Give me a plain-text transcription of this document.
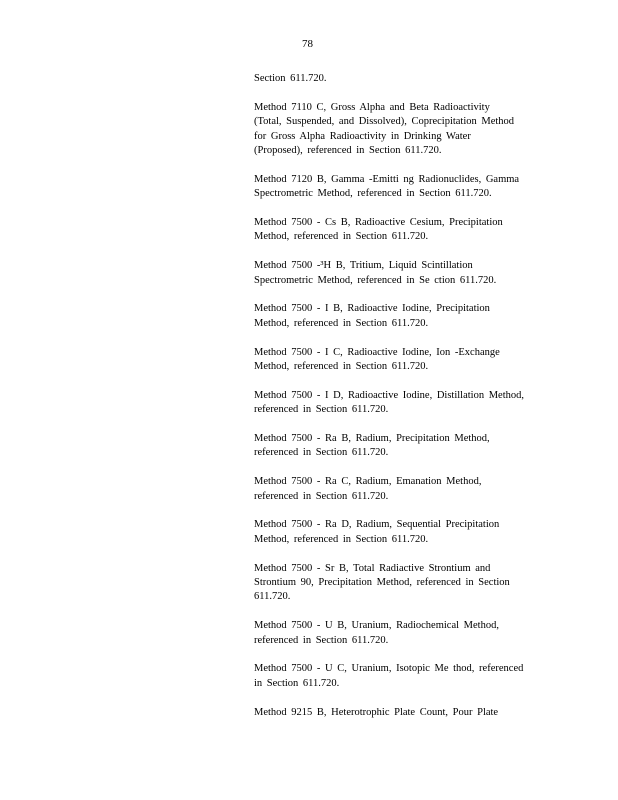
78
Section 611.720.
Method 7110 C, Gross Alpha and Beta Radioactivity
(Total, Suspended, and Dissolved), Coprecipitation Method
for Gross Alpha Radioactivity in Drinking Water
(Proposed), referenced in Section 611.720.
Method 7120 B, Gamma -Emitti ng Radionuclides, Gamma
Spectrometric Method, referenced in Section 611.720.
Method 7500 - Cs B, Radioactive Cesium, Precipitation
Method, referenced in Section 611.720.
Method 7500 -³H B, Tritium, Liquid Scintillation
Spectrometric Method, referenced in Se ction 611.720.
Method 7500 - I B, Radioactive Iodine, Precipitation
Method, referenced in Section 611.720.
Method 7500 - I C, Radioactive Iodine, Ion -Exchange
Method, referenced in Section 611.720.
Method 7500 - I D, Radioactive Iodine, Distillation Method,
referenced in Section 611.720.
Method 7500 - Ra B, Radium, Precipitation Method,
referenced in Section 611.720.
Method 7500 - Ra C, Radium, Emanation Method,
referenced in Section 611.720.
Method 7500 - Ra D, Radium, Sequential Precipitation
Method, referenced in Section 611.720.
Method 7500 - Sr B, Total Radiactive Strontium and
Strontium 90, Precipitation Method, referenced in Section
611.720.
Method 7500 - U B, Uranium, Radiochemical Method,
referenced in Section 611.720.
Method 7500 - U C, Uranium, Isotopic Me thod, referenced
in Section 611.720.
Method 9215 B, Heterotrophic Plate Count, Pour Plate
